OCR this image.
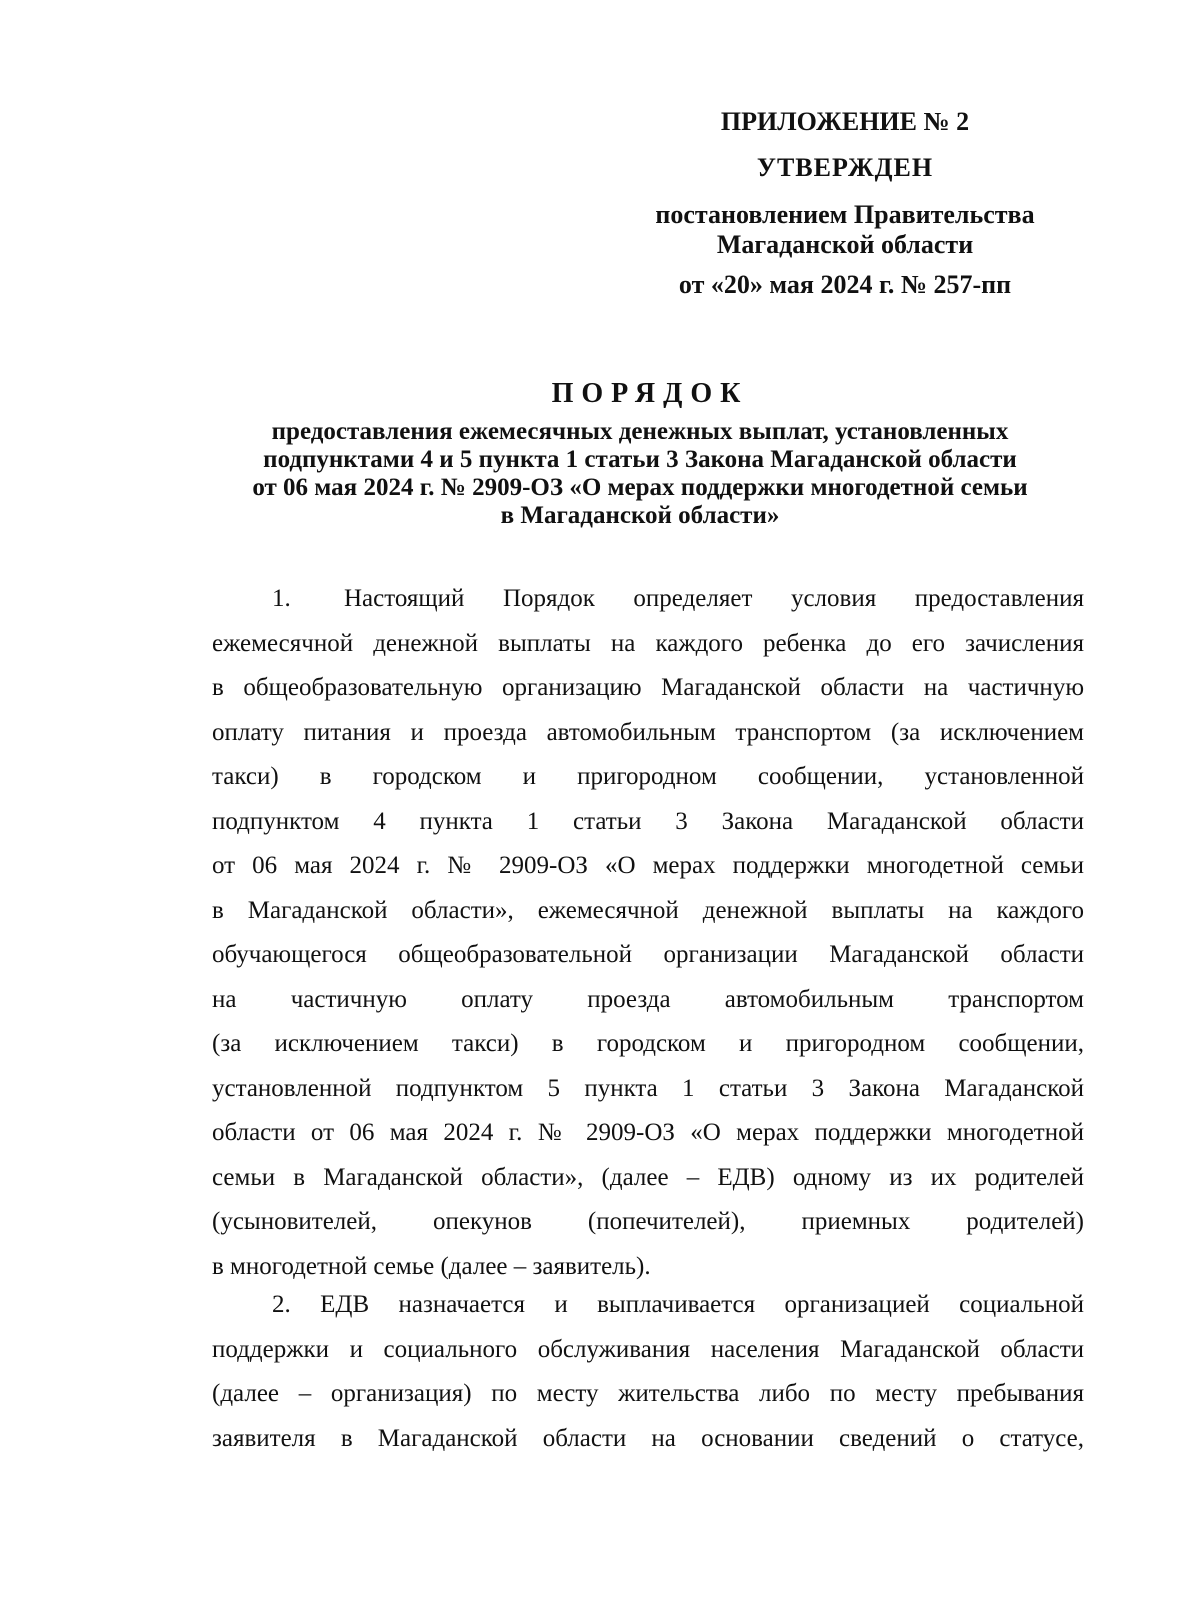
ПРИЛОЖЕНИЕ № 2
УТВЕРЖДЕН
постановлением Правительства
Магаданской области
от «20» мая 2024 г. № 257-пп
ПОРЯДОК
предоставления ежемесячных денежных выплат, установленных
подпунктами 4 и 5 пункта 1 статьи 3 Закона Магаданской области
от 06 мая 2024 г. № 2909-ОЗ «О мерах поддержки многодетной семьи
в Магаданской области»
1. Настоящий Порядок определяет условия предоставления
ежемесячной денежной выплаты на каждого ребенка до его зачисления
в общеобразовательную организацию Магаданской области на частичную
оплату питания и проезда автомобильным транспортом (за исключением
такси) в городском и пригородном сообщении, установленной
подпунктом 4 пункта 1 статьи 3 Закона Магаданской области
от 06 мая 2024 г. № 2909-ОЗ «О мерах поддержки многодетной семьи
в Магаданской области», ежемесячной денежной выплаты на каждого
обучающегося общеобразовательной организации Магаданской области
на частичную оплату проезда автомобильным транспортом
(за исключением такси) в городском и пригородном сообщении,
установленной подпунктом 5 пункта 1 статьи 3 Закона Магаданской
области от 06 мая 2024 г. № 2909-ОЗ «О мерах поддержки многодетной
семьи в Магаданской области», (далее – ЕДВ) одному из их родителей
(усыновителей, опекунов (попечителей), приемных родителей)
в многодетной семье (далее – заявитель).
2. ЕДВ назначается и выплачивается организацией социальной
поддержки и социального обслуживания населения Магаданской области
(далее – организация) по месту жительства либо по месту пребывания
заявителя в Магаданской области на основании сведений о статусе,
